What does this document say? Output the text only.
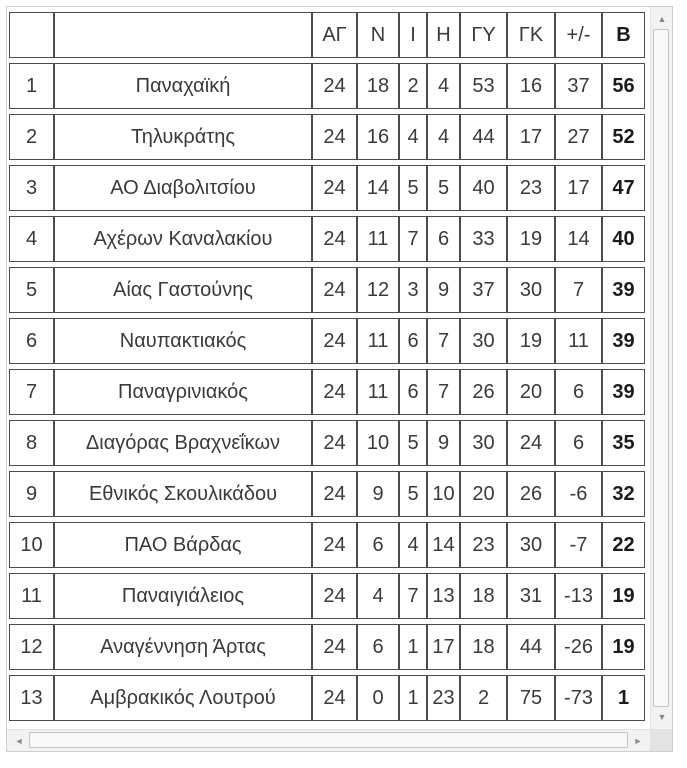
		ΑΓ	Ν	Ι	Η	ΓΥ	ΓΚ	+/-	Β
1	Παναχαϊκή	24	18	2	4	53	16	37	56
2	Τηλυκράτης	24	16	4	4	44	17	27	52
3	ΑΟ Διαβολιτσίου	24	14	5	5	40	23	17	47
4	Αχέρων Καναλακίου	24	11	7	6	33	19	14	40
5	Αίας Γαστούνης	24	12	3	9	37	30	7	39
6	Ναυπακτιακός	24	11	6	7	30	19	11	39
7	Παναγρινιακός	24	11	6	7	26	20	6	39
8	Διαγόρας Βραχνεΐκων	24	10	5	9	30	24	6	35
9	Εθνικός Σκουλικάδου	24	9	5	10	20	26	-6	32
10	ΠΑΟ Βάρδας	24	6	4	14	23	30	-7	22
11	Παναιγιάλειος	24	4	7	13	18	31	-13	19
12	Αναγέννηση Άρτας	24	6	1	17	18	44	-26	19
13	Αμβρακικός Λουτρού	24	0	1	23	2	75	-73	1
▲
▼
◄	►
